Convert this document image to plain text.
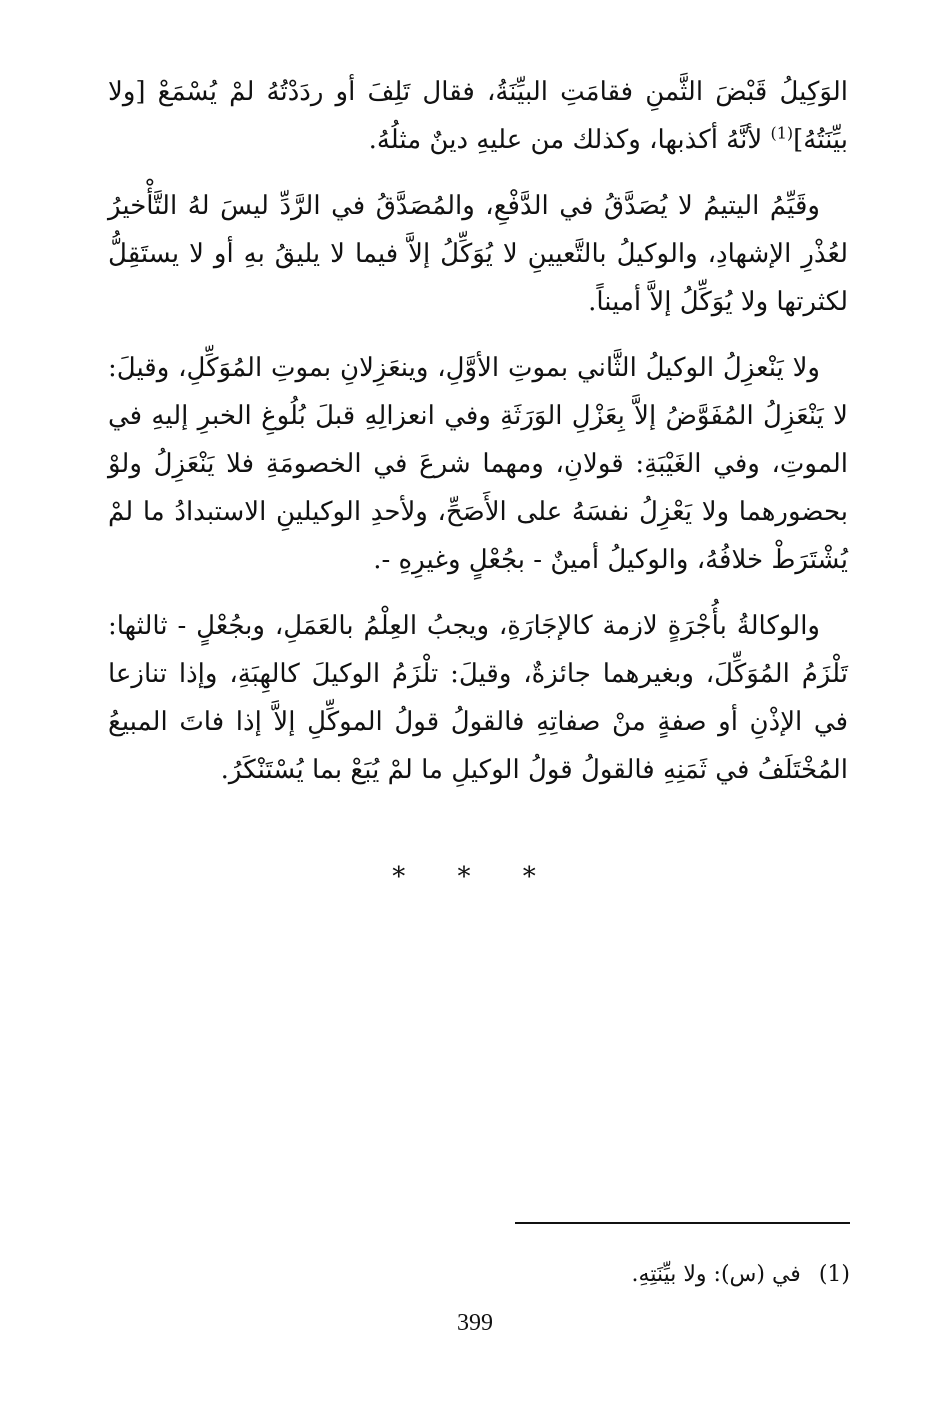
الوَكِيلُ قَبْضَ الثَّمنِ فقامَتِ البيِّنَةُ، فقال تَلِفَ أو ردَدْتُهُ لمْ يُسْمَعْ [ولا بيِّنَتُهُ]$^{(1)}$ لأنَّهُ أكذبها، وكذلك من عليهِ دينٌ مثلُهُ.

وقَيِّمُ اليتيمُ لا يُصَدَّقُ في الدَّفْعِ، والمُصَدَّقُ في الرَّدِّ ليسَ لهُ التَّأْخيرُ لعُذْرِ الإشهادِ، والوكيلُ بالتَّعيينِ لا يُوَكِّلُ إلاَّ فيما لا يليقُ بهِ أو لا يستَقِلُّ لكثرتها ولا يُوَكِّلُ إلاَّ أميناً.

ولا يَنْعزِلُ الوكيلُ الثَّاني بموتِ الأوَّلِ، وينعَزِلانِ بموتِ المُوَكِّلِ، وقيلَ: لا يَنْعَزِلُ المُفَوَّضُ إلاَّ بِعَزْلِ الوَرَثَةِ وفي انعزالِهِ قبلَ بُلُوغِ الخبرِ إليهِ في الموتِ، وفي الغَيْبَةِ: قولانِ، ومهما شرعَ في الخصومَةِ فلا يَنْعَزِلُ ولوْ بحضورهما ولا يَعْزِلُ نفسَهُ على الأَصَحِّ، ولأحدِ الوكيلينِ الاستبدادُ ما لمْ يُشْتَرَطْ خلافُهُ، والوكيلُ أمينٌ - بجُعْلٍ وغيرِهِ -.

والوكالةُ بأُجْرَةٍ لازمة كالإجَارَةِ، ويجبُ العِلْمُ بالعَمَلِ، وبجُعْلٍ - ثالثها: تَلْزَمُ المُوَكِّلَ، وبغيرهما جائزةٌ، وقيلَ: تلْزَمُ الوكيلَ كالهِبَةِ، وإذا تنازعا في الإذْنِ أو صفةٍ منْ صفاتِهِ فالقولُ قولُ الموكِّلِ إلاَّ إذا فاتَ المبيعُ المُخْتَلَفُ في ثَمَنِهِ فالقولُ قولُ الوكيلِ ما لمْ يُبَعْ بما يُسْتَنْكَرُ.

* * *
(1)في (س): ولا بيِّنَتِهِ.
399
